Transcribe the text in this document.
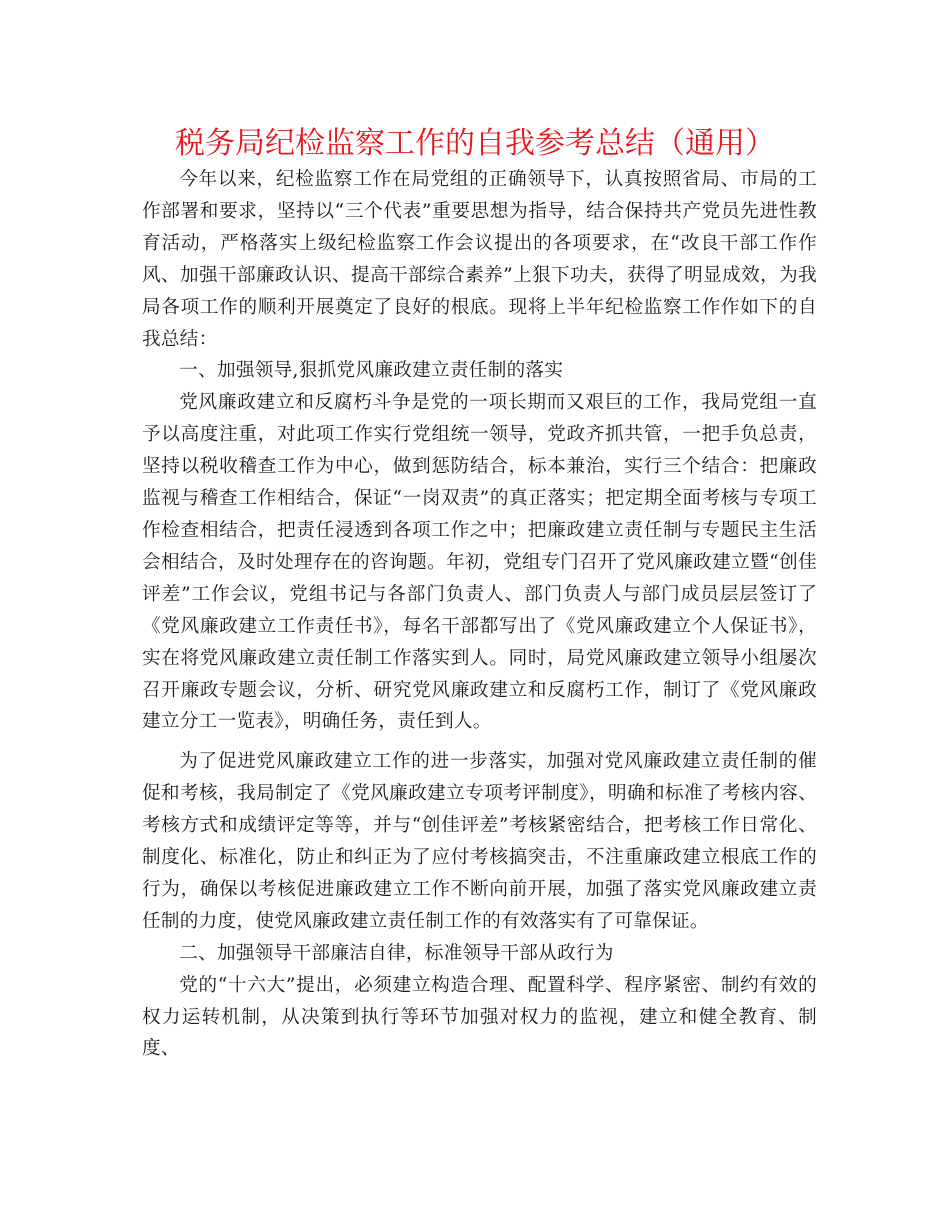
税务局纪检监察工作的自我参考总结（通用）

今年以来，纪检监察工作在局党组的正确领导下，认真按照省局、市局的工作部署和要求，坚持以“三个代表”重要思想为指导，结合保持共产党员先进性教育活动，严格落实上级纪检监察工作会议提出的各项要求，在“改良干部工作作风、加强干部廉政认识、提高干部综合素养”上狠下功夫，获得了明显成效，为我局各项工作的顺利开展奠定了良好的根底。现将上半年纪检监察工作作如下的自我总结：

一、加强领导,狠抓党风廉政建立责任制的落实

党风廉政建立和反腐朽斗争是党的一项长期而又艰巨的工作，我局党组一直予以高度注重，对此项工作实行党组统一领导，党政齐抓共管，一把手负总责，坚持以税收稽查工作为中心，做到惩防结合，标本兼治，实行三个结合：把廉政监视与稽查工作相结合，保证“一岗双责”的真正落实；把定期全面考核与专项工作检查相结合，把责任浸透到各项工作之中；把廉政建立责任制与专题民主生活会相结合，及时处理存在的咨询题。年初，党组专门召开了党风廉政建立暨“创佳评差”工作会议，党组书记与各部门负责人、部门负责人与部门成员层层签订了《党风廉政建立工作责任书》，每名干部都写出了《党风廉政建立个人保证书》，实在将党风廉政建立责任制工作落实到人。同时，局党风廉政建立领导小组屡次召开廉政专题会议，分析、研究党风廉政建立和反腐朽工作，制订了《党风廉政建立分工一览表》，明确任务，责任到人。

为了促进党风廉政建立工作的进一步落实，加强对党风廉政建立责任制的催促和考核，我局制定了《党风廉政建立专项考评制度》，明确和标准了考核内容、考核方式和成绩评定等等，并与“创佳评差”考核紧密结合，把考核工作日常化、制度化、标准化，防止和纠正为了应付考核搞突击，不注重廉政建立根底工作的行为，确保以考核促进廉政建立工作不断向前开展，加强了落实党风廉政建立责任制的力度，使党风廉政建立责任制工作的有效落实有了可靠保证。

二、加强领导干部廉洁自律，标准领导干部从政行为

党的“十六大”提出，必须建立构造合理、配置科学、程序紧密、制约有效的权力运转机制，从决策到执行等环节加强对权力的监视，建立和健全教育、制度、
